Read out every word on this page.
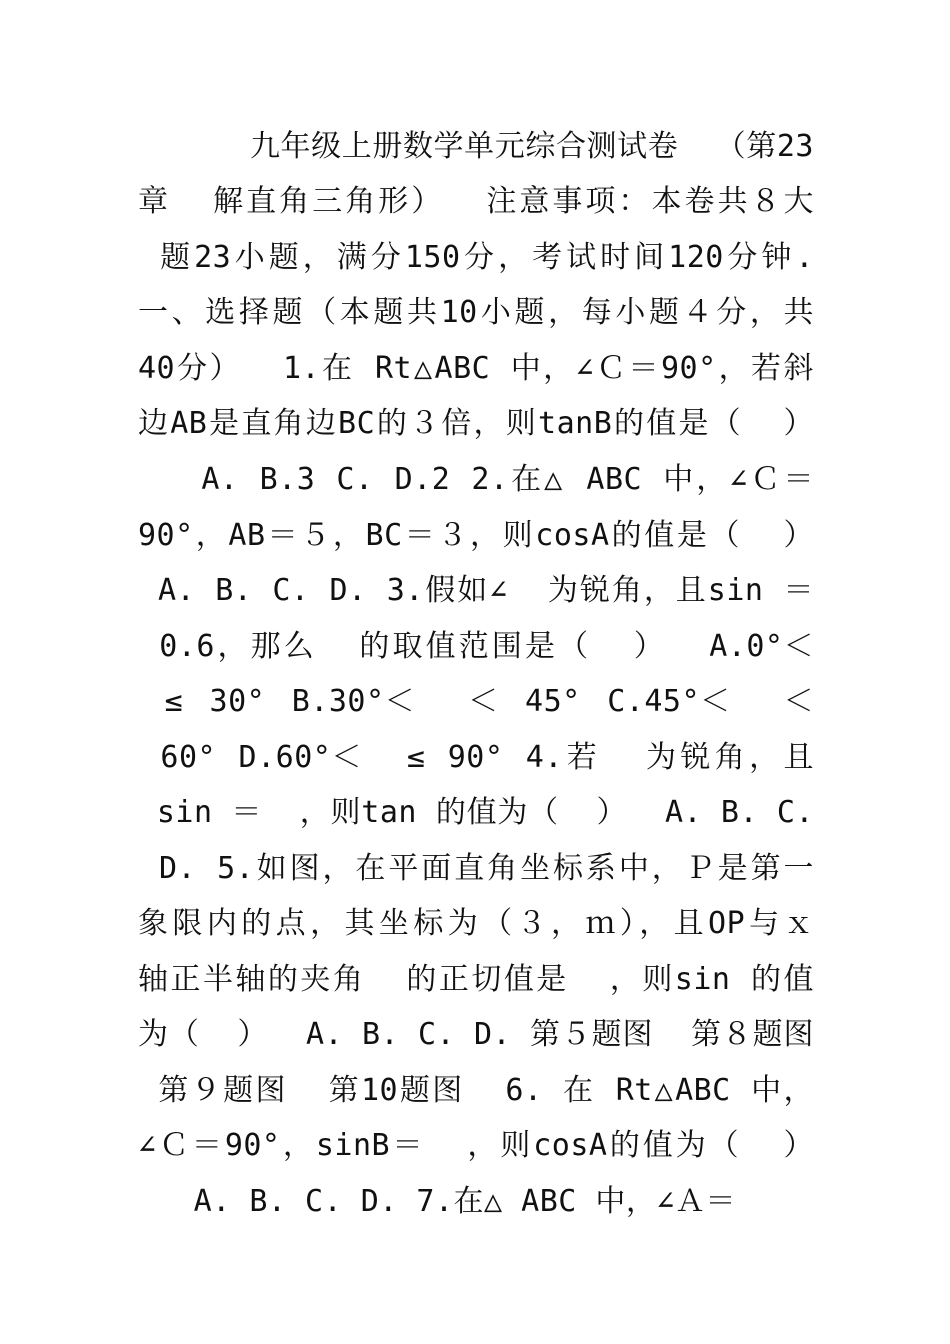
九年级上册数学单元综合测试卷  （第23
章  解直角三角形）  注意事项：本卷共８大
题23小题，满分150分，考试时间120分钟.
一、选择题（本题共10小题，每小题４分，共
40分）  1.在 Rt△ABC 中，∠Ｃ＝90°，若斜
边AB是直角边BC的３倍，则tanB的值是（  ）
A. B.3 C. D.2 2.在△ ABC 中，∠Ｃ＝
90°，AB＝５，BC＝３，则cosA的值是（  ）
A. B. C. D. 3.假如∠  为锐角，且sin ＝
0.6，那么  的取值范围是（  ）  A.0°＜
≤ 30° B.30°＜  ＜ 45° C.45°＜  ＜
60° D.60°＜  ≤ 90° 4.若  为锐角，且
sin ＝  ，则tan 的值为（  ）  A. B. C.
D. 5.如图，在平面直角坐标系中，Ｐ是第一
象限内的点，其坐标为（３，ｍ），且OP与ｘ
轴正半轴的夹角  的正切值是  ，则sin 的值
为（  ）  A. B. C. D. 第５题图  第８题图
第９题图  第10题图  6. 在 Rt△ABC 中，
∠Ｃ＝90°，sinB＝  ，则cosA的值为（  ）
A. B. C. D. 7.在△ ABC 中，∠Ａ＝
